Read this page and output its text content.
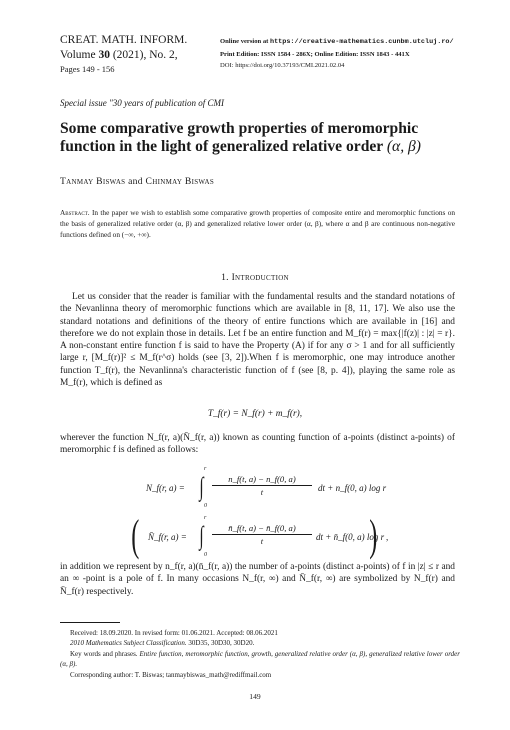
CREAT. MATH. INFORM.
Volume 30 (2021), No. 2,
Pages 149 - 156
Online version at https://creative-mathematics.cunbm.utcluj.ro/
Print Edition: ISSN 1584 - 286X; Online Edition: ISSN 1843 - 441X
DOI: https://doi.org/10.37193/CMI.2021.02.04
Special issue "30 years of publication of CMI
Some comparative growth properties of meromorphic function in the light of generalized relative order (α, β)
Tanmay Biswas and Chinmay Biswas
Abstract. In the paper we wish to establish some comparative growth properties of composite entire and meromorphic functions on the basis of generalized relative order (α, β) and generalized relative lower order (α, β), where α and β are continuous non-negative functions defined on (−∞, +∞).
1. Introduction
Let us consider that the reader is familiar with the fundamental results and the standard notations of the Nevanlinna theory of meromorphic functions which are available in [8, 11, 17]. We also use the standard notations and definitions of the theory of entire functions which are available in [16] and therefore we do not explain those in details. Let f be an entire function and M_f(r) = max{|f(z)| : |z| = r}. A non-constant entire function f is said to have the Property (A) if for any σ > 1 and for all sufficiently large r, [M_f(r)]² ≤ M_f(r^σ) holds (see [3, 2]).When f is meromorphic, one may introduce another function T_f(r), the Nevanlinna's characteristic function of f (see [8, p. 4]), playing the same role as M_f(r), which is defined as
T_f(r) = N_f(r) + m_f(r),
wherever the function N_f(r, a)(N̄_f(r, a)) known as counting function of a-points (distinct a-points) of meromorphic f is defined as follows:
N_f(r, a) = ∫
r
0
n_f(t, a) − n_f(0, a)
t	dt + n_f(0, a) log r
( N̄_f(r, a) = ∫
r
0
n̄_f(t, a) − n̄_f(0, a)
t	dt + n̄_f(0, a) log r
) ,
in addition we represent by n_f(r, a)(n̄_f(r, a)) the number of a-points (distinct a-points) of f in |z| ≤ r and an ∞ -point is a pole of f. In many occasions N_f(r, ∞) and N̄_f(r, ∞) are symbolized by N_f(r) and N̄_f(r) respectively.
Received: 18.09.2020. In revised form: 01.06.2021. Accepted: 08.06.2021
2010 Mathematics Subject Classification. 30D35, 30D30, 30D20.
Key words and phrases. Entire function, meromorphic function, growth, generalized relative order (α, β), generalized relative lower order (α, β).
Corresponding author: T. Biswas; tanmaybiswas_math@rediffmail.com
149
